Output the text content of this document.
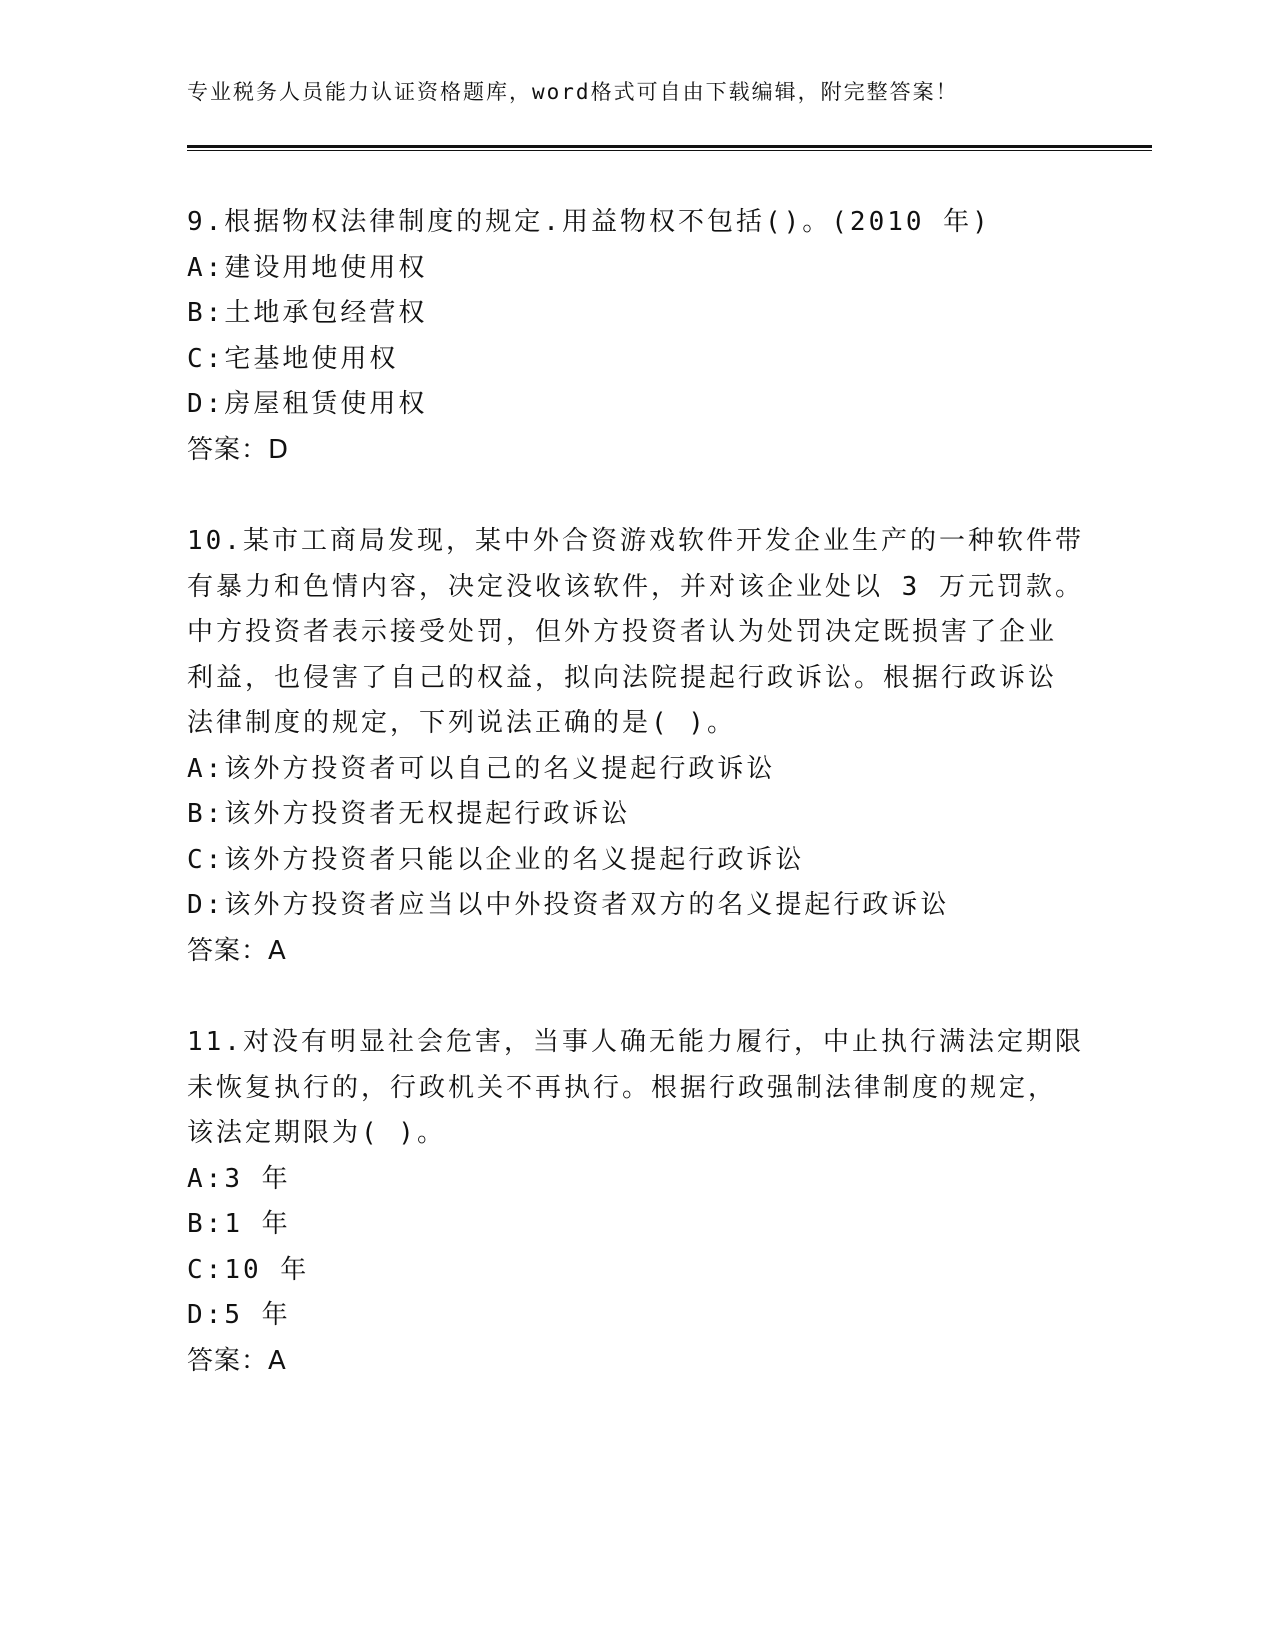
专业税务人员能力认证资格题库，word格式可自由下载编辑，附完整答案！

9.根据物权法律制度的规定.用益物权不包括()。(2010 年)

A:建设用地使用权
B:土地承包经营权
C:宅基地使用权
D:房屋租赁使用权
答案：D

10.某市工商局发现，某中外合资游戏软件开发企业生产的一种软件带
有暴力和色情内容，决定没收该软件，并对该企业处以 3 万元罚款。
中方投资者表示接受处罚，但外方投资者认为处罚决定既损害了企业
利益，也侵害了自己的权益，拟向法院提起行政诉讼。根据行政诉讼
法律制度的规定，下列说法正确的是( )。

A:该外方投资者可以自己的名义提起行政诉讼
B:该外方投资者无权提起行政诉讼
C:该外方投资者只能以企业的名义提起行政诉讼
D:该外方投资者应当以中外投资者双方的名义提起行政诉讼
答案：A

11.对没有明显社会危害，当事人确无能力履行，中止执行满法定期限
未恢复执行的，行政机关不再执行。根据行政强制法律制度的规定，
该法定期限为( )。

A:3 年
B:1 年
C:10 年
D:5 年
答案：A
